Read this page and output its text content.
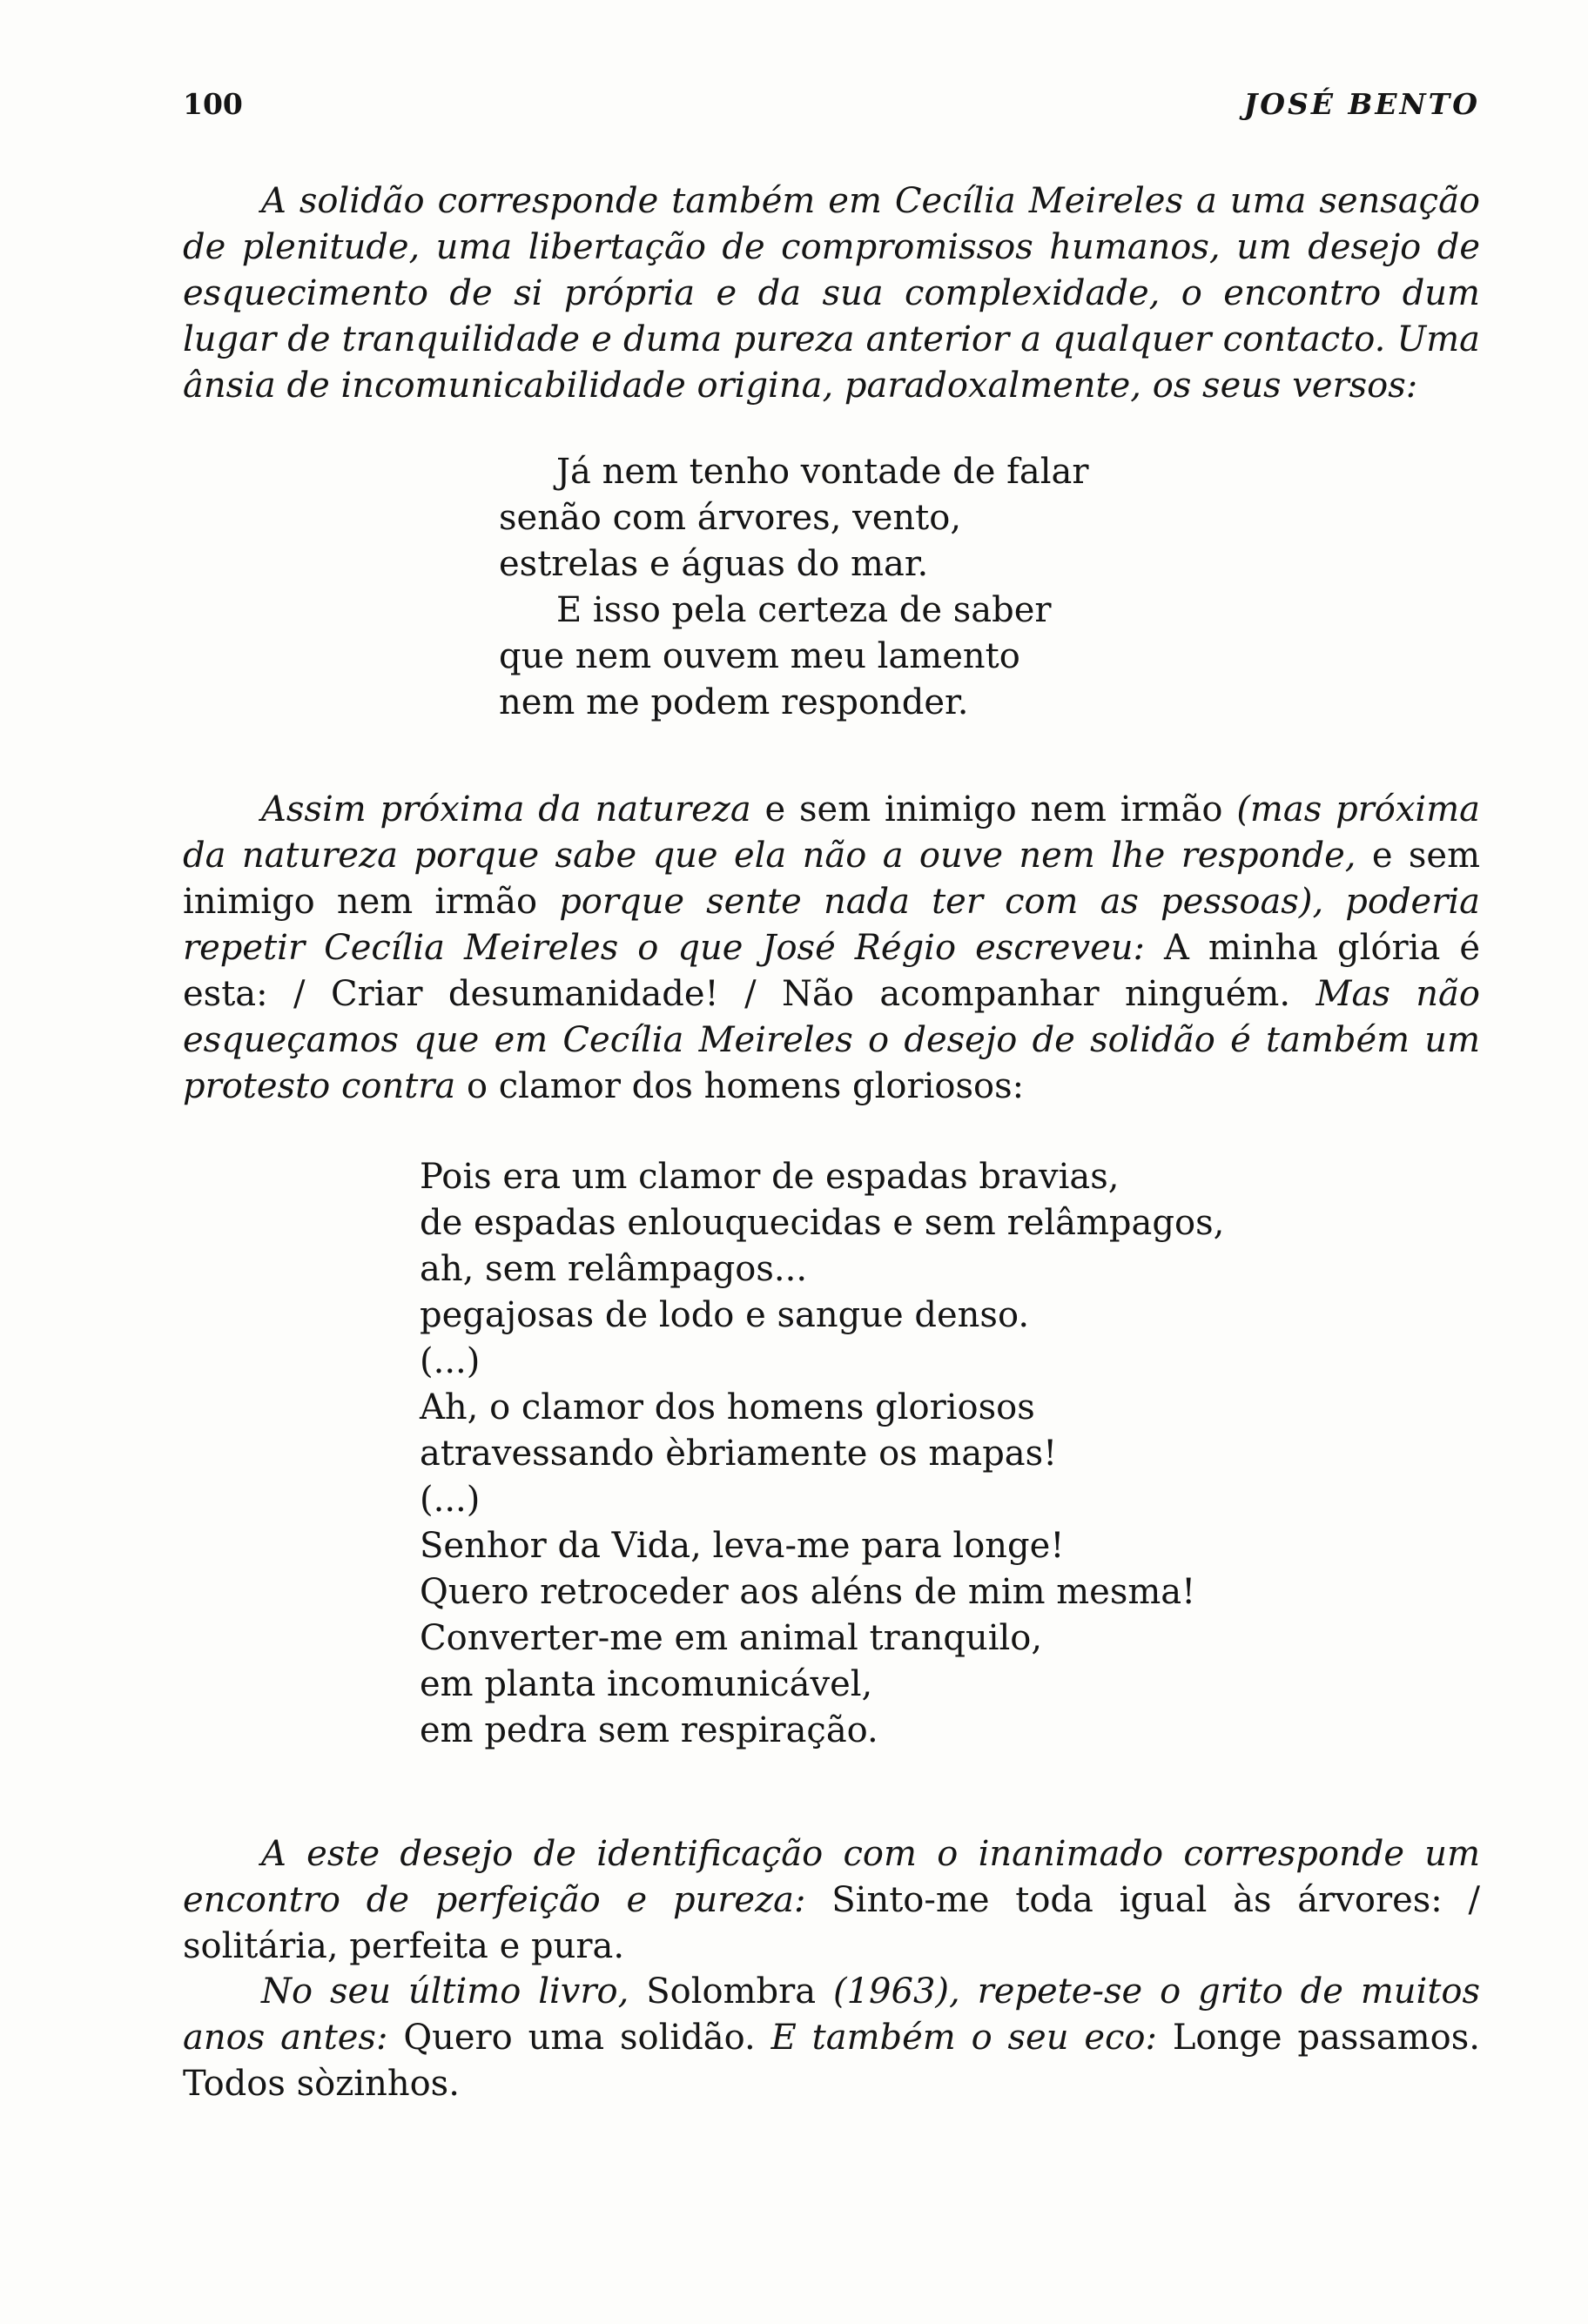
100	JOSÉ BENTO

A solidão corresponde também em Cecília Meireles a uma sensação de plenitude, uma libertação de compromissos humanos, um desejo de esquecimento de si própria e da sua complexidade, o encontro dum lugar de tranquilidade e duma pureza anterior a qualquer contacto. Uma ânsia de incomunicabilidade origina, paradoxalmente, os seus versos:

Já nem tenho vontade de falar
senão com árvores, vento,
estrelas e águas do mar.
E isso pela certeza de saber
que nem ouvem meu lamento
nem me podem responder.

Assim próxima da natureza e sem inimigo nem irmão (mas próxima da natureza porque sabe que ela não a ouve nem lhe responde, e sem inimigo nem irmão porque sente nada ter com as pessoas), poderia repetir Cecília Meireles o que José Régio escreveu: A minha glória é esta: / Criar desumanidade! / Não acompanhar ninguém. Mas não esqueçamos que em Cecília Meireles o desejo de solidão é também um protesto contra o clamor dos homens gloriosos:

Pois era um clamor de espadas bravias,
de espadas enlouquecidas e sem relâmpagos,
ah, sem relâmpagos...
pegajosas de lodo e sangue denso.
(...)
Ah, o clamor dos homens gloriosos
atravessando èbriamente os mapas!
(...)
Senhor da Vida, leva-me para longe!
Quero retroceder aos aléns de mim mesma!
Converter-me em animal tranquilo,
em planta incomunicável,
em pedra sem respiração.

A este desejo de identificação com o inanimado corresponde um encontro de perfeição e pureza: Sinto-me toda igual às árvores: / solitária, perfeita e pura.

No seu último livro, Solombra (1963), repete-se o grito de muitos anos antes: Quero uma solidão. E também o seu eco: Longe passamos. Todos sòzinhos.
